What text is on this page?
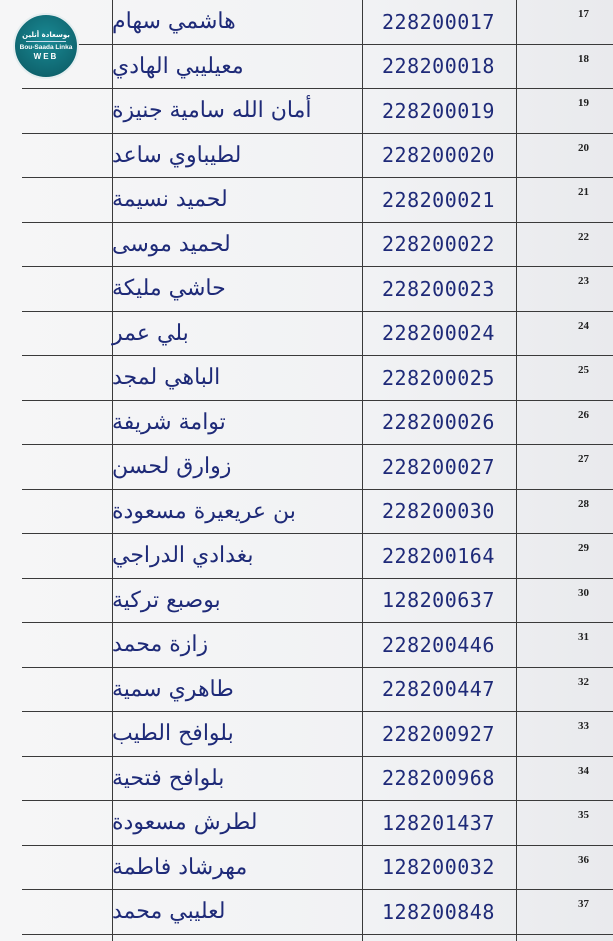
هاشمي سهام	228200017	17
معيليبي الهادي	228200018	18
أمان الله سامية جنيزة	228200019	19
لطيباوي ساعد	228200020	20
لحميد نسيمة	228200021	21
لحميد موسى	228200022	22
حاشي مليكة	228200023	23
بلي عمر	228200024	24
الباهي لمجد	228200025	25
توامة شريفة	228200026	26
زوارق لحسن	228200027	27
بن عريعيرة مسعودة	228200030	28
بغدادي الدراجي	228200164	29
بوصبع تركية	128200637	30
زازة محمد	228200446	31
طاهري سمية	228200447	32
بلوافح الطيب	228200927	33
بلوافح فتحية	228200968	34
لطرش مسعودة	128201437	35
مهرشاد فاطمة	128200032	36
لعليبي محمد	128200848	37
بوسعادة أنلين
Bou-Saada Linka
WEB
